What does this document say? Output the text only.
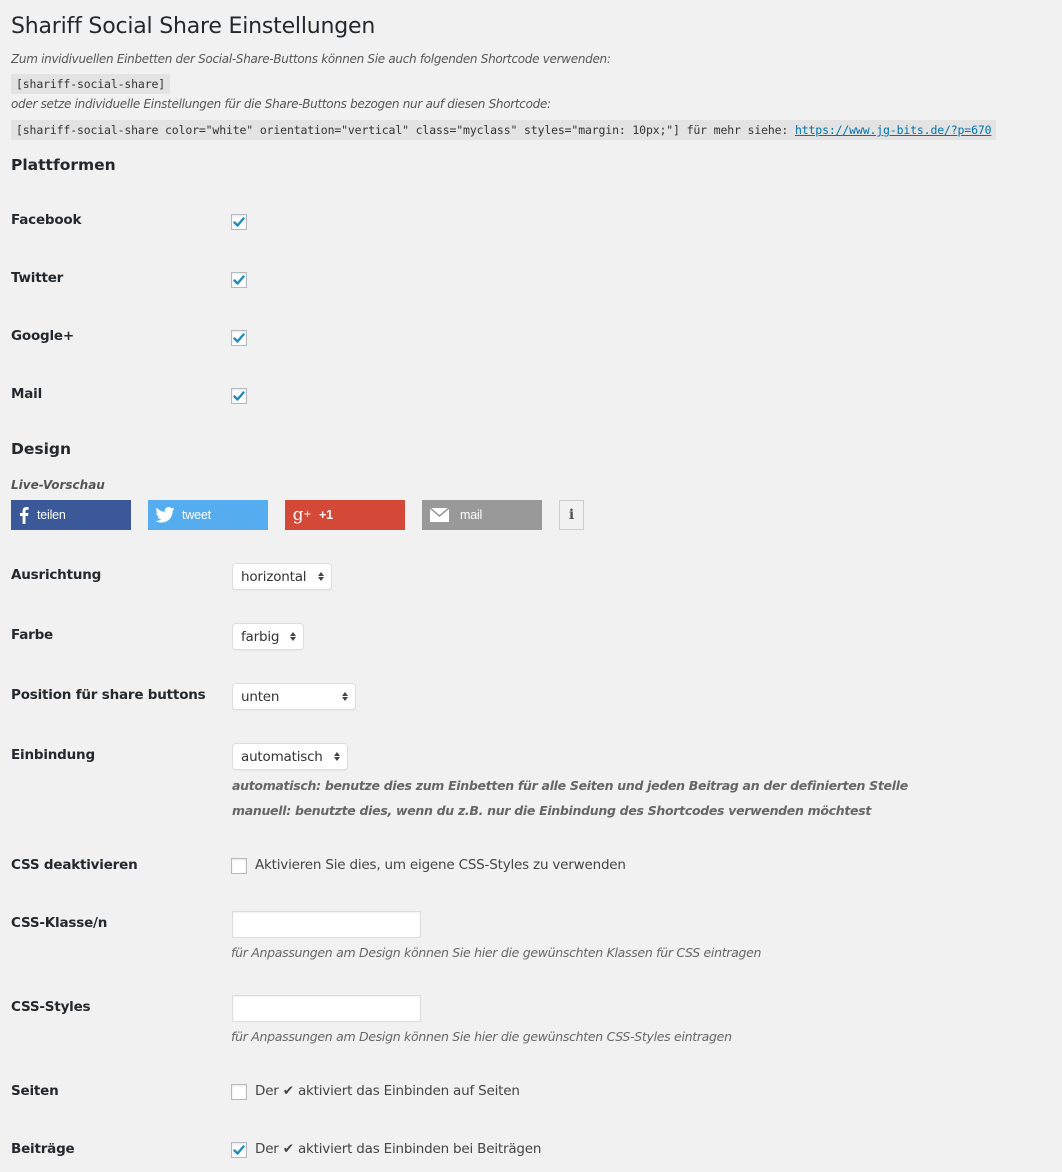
Shariff Social Share Einstellungen
Zum invidivuellen Einbetten der Social-Share-Buttons können Sie auch folgenden Shortcode verwenden:
[shariff-social-share]
oder setze individuelle Einstellungen für die Share-Buttons bezogen nur auf diesen Shortcode:
[shariff-social-share color="white" orientation="vertical" class="myclass" styles="margin: 10px;"] für mehr siehe: https://www.jg-bits.de/?p=670
Plattformen
Facebook
Twitter
Google+
Mail
Design
Live-Vorschau
teilen	tweet	g + +1	mail	i
Ausrichtung	horizontal
Farbe	farbig
Position für share buttons	unten
Einbindung	automatisch
automatisch: benutze dies zum Einbetten für alle Seiten und jeden Beitrag an der definierten Stelle
manuell: benutzte dies, wenn du z.B. nur die Einbindung des Shortcodes verwenden möchtest
CSS deaktivieren	Aktivieren Sie dies, um eigene CSS-Styles zu verwenden
CSS-Klasse/n
für Anpassungen am Design können Sie hier die gewünschten Klassen für CSS eintragen
CSS-Styles
für Anpassungen am Design können Sie hier die gewünschten CSS-Styles eintragen
Seiten	Der ✔ aktiviert das Einbinden auf Seiten
Beiträge	Der ✔ aktiviert das Einbinden bei Beiträgen
